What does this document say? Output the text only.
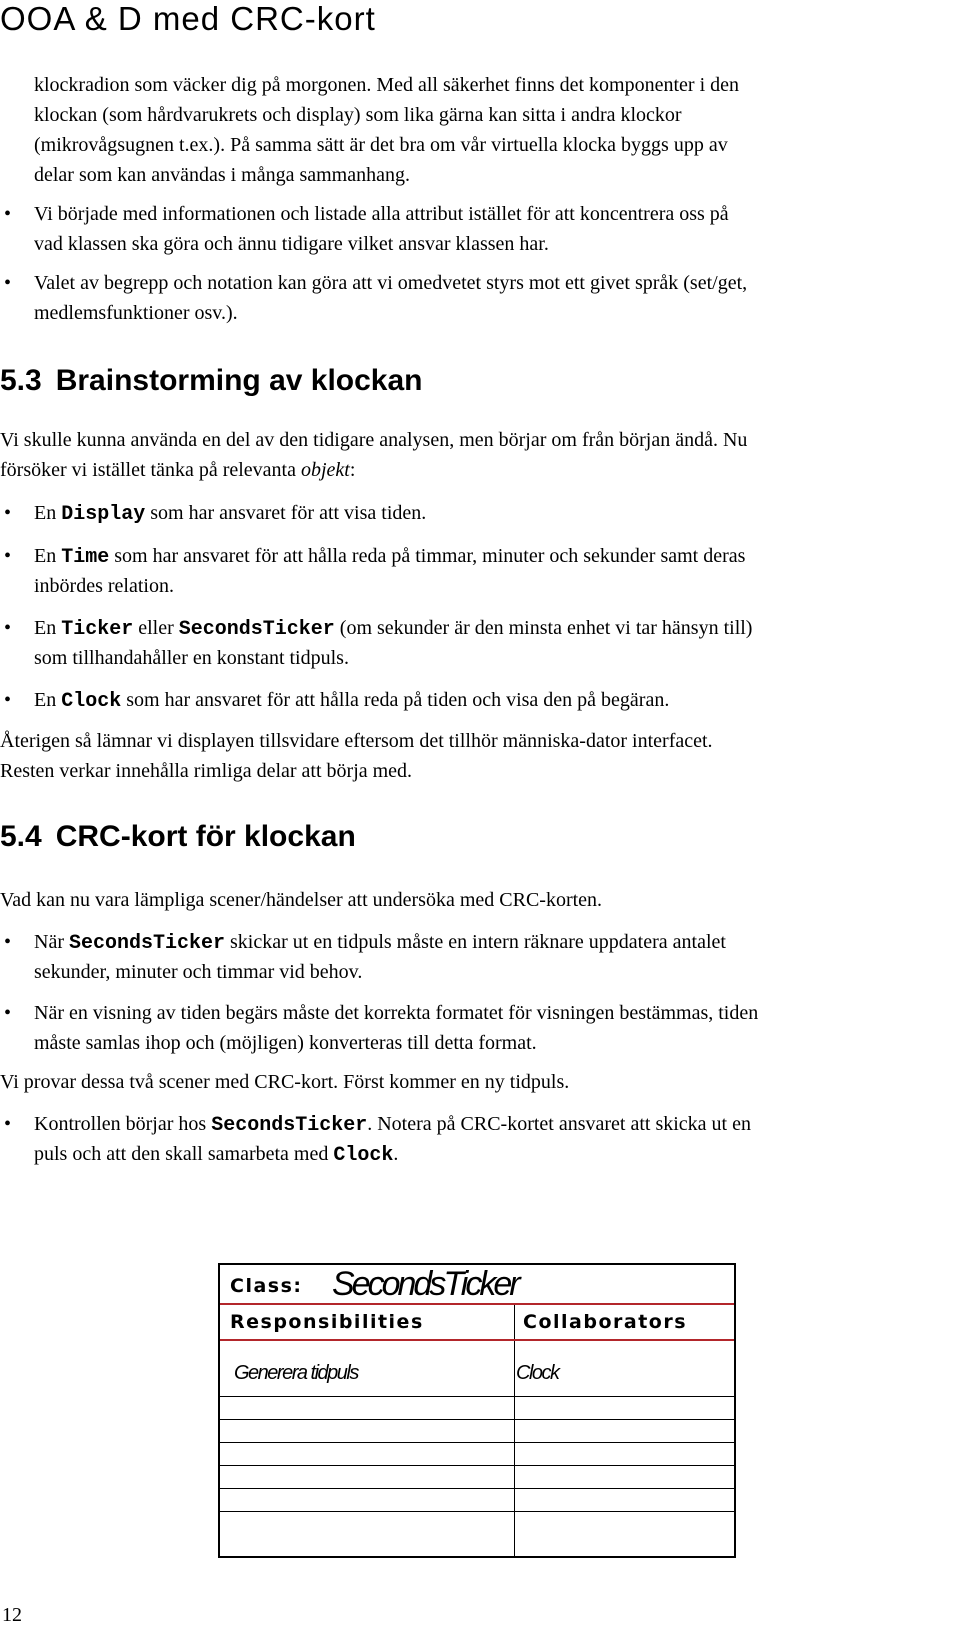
OOA & D med CRC-kort
klockradion som väcker dig på morgonen. Med all säkerhet finns det komponenter i den
klockan (som hårdvarukrets och display) som lika gärna kan sitta i andra klockor
(mikrovågsugnen t.ex.). På samma sätt är det bra om vår virtuella klocka byggs upp av
delar som kan användas i många sammanhang.
• Vi började med informationen och listade alla attribut istället för att koncentrera oss på
vad klassen ska göra och ännu tidigare vilket ansvar klassen har.
• Valet av begrepp och notation kan göra att vi omedvetet styrs mot ett givet språk (set/get,
medlemsfunktioner osv.).
5.3 Brainstorming av klockan
Vi skulle kunna använda en del av den tidigare analysen, men börjar om från början ändå. Nu
försöker vi istället tänka på relevanta objekt:
• En Display som har ansvaret för att visa tiden.
• En Time som har ansvaret för att hålla reda på timmar, minuter och sekunder samt deras
inbördes relation.
• En Ticker eller SecondsTicker (om sekunder är den minsta enhet vi tar hänsyn till)
som tillhandahåller en konstant tidpuls.
• En Clock som har ansvaret för att hålla reda på tiden och visa den på begäran.
Återigen så lämnar vi displayen tillsvidare eftersom det tillhör människa-dator interfacet.
Resten verkar innehålla rimliga delar att börja med.
5.4 CRC-kort för klockan
Vad kan nu vara lämpliga scener/händelser att undersöka med CRC-korten.
• När SecondsTicker skickar ut en tidpuls måste en intern räknare uppdatera antalet
sekunder, minuter och timmar vid behov.
• När en visning av tiden begärs måste det korrekta formatet för visningen bestämmas, tiden
måste samlas ihop och (möjligen) konverteras till detta format.
Vi provar dessa två scener med CRC-kort. Först kommer en ny tidpuls.
• Kontrollen börjar hos SecondsTicker. Notera på CRC-kortet ansvaret att skicka ut en
puls och att den skall samarbeta med Clock.
Class: SecondsTicker
Responsibilities	Collaborators
Generera tidpuls	Clock
12
